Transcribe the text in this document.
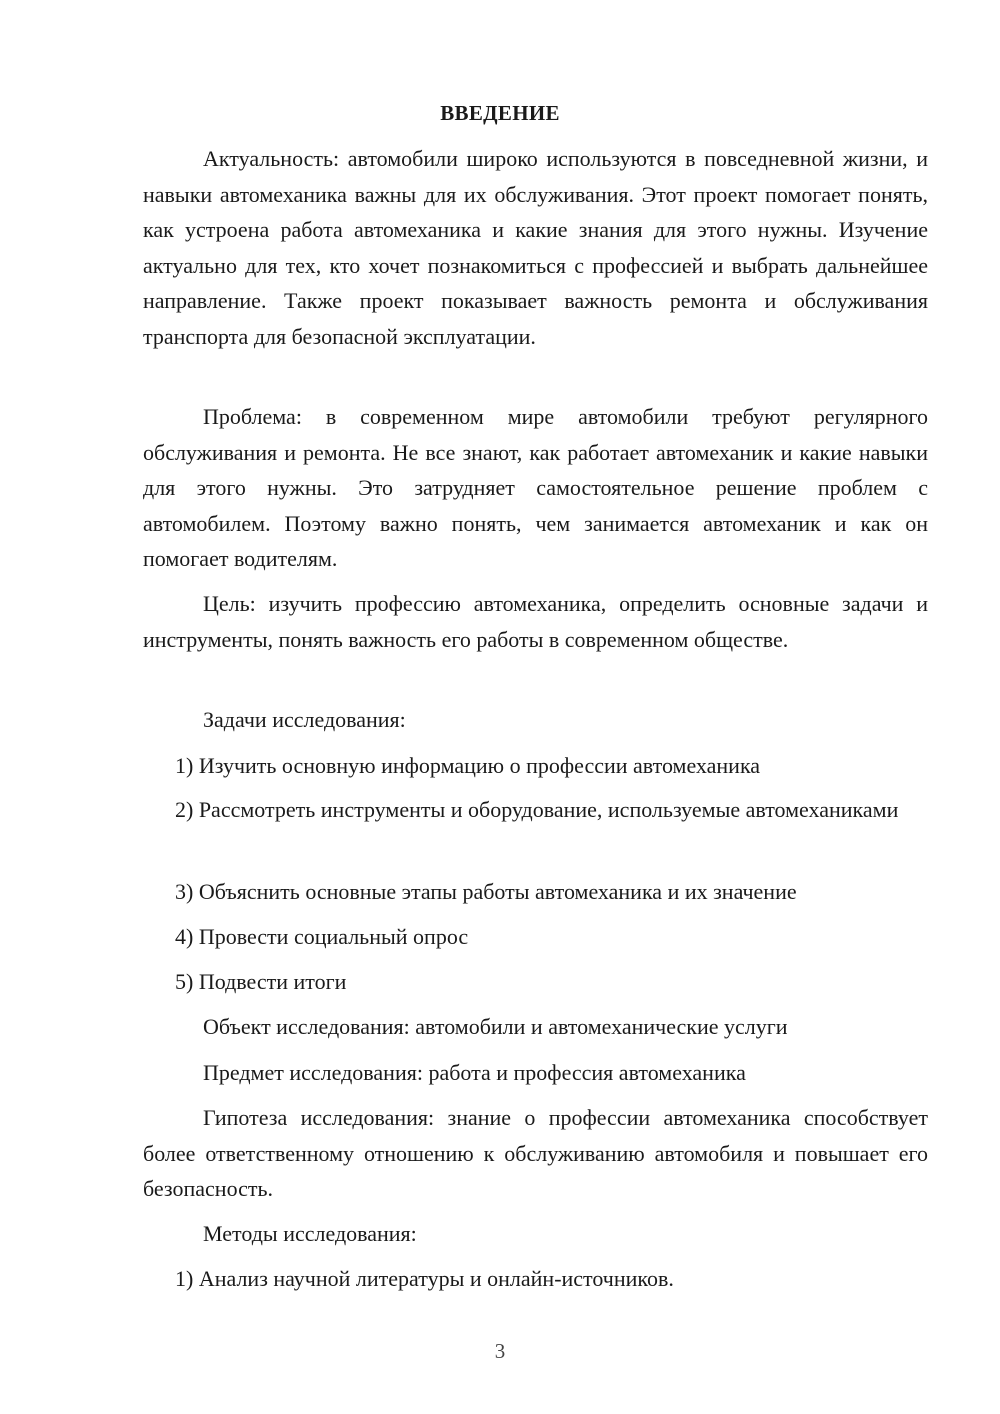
ВВЕДЕНИЕ

Актуальность: автомобили широко используются в повседневной жизни, и навыки автомеханика важны для их обслуживания. Этот проект помогает понять, как устроена работа автомеханика и какие знания для этого нужны. Изучение актуально для тех, кто хочет познакомиться с профессией и выбрать дальнейшее направление. Также проект показывает важность ремонта и обслуживания транспорта для безопасной эксплуатации.

Проблема: в современном мире автомобили требуют регулярного обслуживания и ремонта. Не все знают, как работает автомеханик и какие навыки для этого нужны. Это затрудняет самостоятельное решение проблем с автомобилем. Поэтому важно понять, чем занимается автомеханик и как он помогает водителям.

Цель: изучить профессию автомеханика, определить основные задачи и инструменты, понять важность его работы в современном обществе.

Задачи исследования:

1) Изучить основную информацию о профессии автомеханика

2) Рассмотреть инструменты и оборудование, используемые автомеханиками

3) Объяснить основные этапы работы автомеханика и их значение

4) Провести социальный опрос

5) Подвести итоги

Объект исследования: автомобили и автомеханические услуги

Предмет исследования: работа и профессия автомеханика

Гипотеза исследования: знание о профессии автомеханика способствует более ответственному отношению к обслуживанию автомобиля и повышает его безопасность.

Методы исследования:

1) Анализ научной литературы и онлайн-источников.

3
